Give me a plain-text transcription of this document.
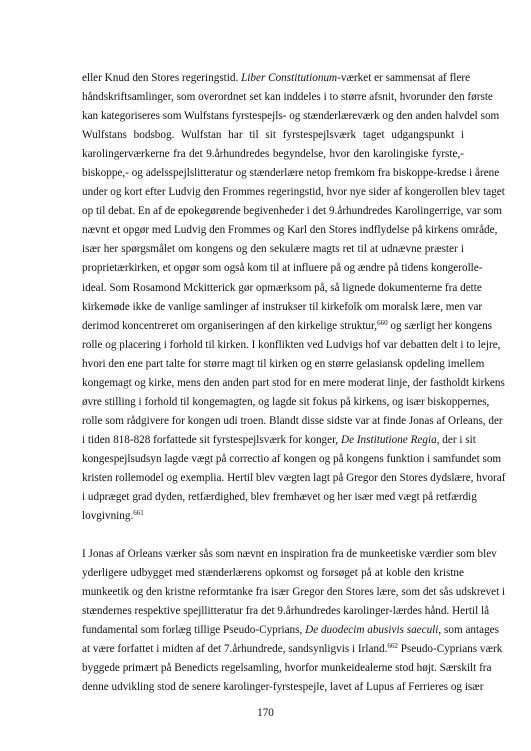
eller Knud den Stores regeringstid. Liber Constitutionum-værket er sammensat af flere
håndskriftsamlinger, som overordnet set kan inddeles i to større afsnit, hvorunder den første
kan kategoriseres som Wulfstans fyrstespejls- og stænderlæreværk og den anden halvdel som
Wulfstans bodsbog. Wulfstan har til sit fyrstespejlsværk taget udgangspunkt i
karolingerværkerne fra det 9.århundredes begyndelse, hvor den karolingiske fyrste,-
biskoppe,- og adelsspejlslitteratur og stænderlære netop fremkom fra biskoppe-kredse i årene
under og kort efter Ludvig den Frommes regeringstid, hvor nye sider af kongerollen blev taget
op til debat. En af de epokegørende begivenheder i det 9.århundredes Karolingerrige, var som
nævnt et opgør med Ludvig den Frommes og Karl den Stores indflydelse på kirkens område,
især her spørgsmålet om kongens og den sekulære magts ret til at udnævne præster i
proprietærkirken, et opgør som også kom til at influere på og ændre på tidens kongerolle-
ideal. Som Rosamond Mckitterick gør opmærksom på, så lignede dokumenterne fra dette
kirkemøde ikke de vanlige samlinger af instrukser til kirkefolk om moralsk lære, men var
derimod koncentreret om organiseringen af den kirkelige struktur,$^{660}$ og særligt her kongens
rolle og placering i forhold til kirken. I konflikten ved Ludvigs hof var debatten delt i to lejre,
hvori den ene part talte for større magt til kirken og en større gelasiansk opdeling imellem
kongemagt og kirke, mens den anden part stod for en mere moderat linje, der fastholdt kirkens
øvre stilling i forhold til kongemagten, og lagde sit fokus på kirkens, og især biskoppernes,
rolle som rådgivere for kongen udi troen. Blandt disse sidste var at finde Jonas af Orleans, der
i tiden 818-828 forfattede sit fyrstespejlsværk for konger, De Institutione Regia, der i sit
kongespejlsudsyn lagde vægt på correctio af kongen og på kongens funktion i samfundet som
kristen rollemodel og exemplia. Hertil blev vægten lagt på Gregor den Stores dydslære, hvoraf
i udpræget grad dyden, retfærdighed, blev fremhævet og her især med vægt på retfærdig
lovgivning.$^{661}$
I Jonas af Orleans værker sås som nævnt en inspiration fra de munkeetiske værdier som blev
yderligere udbygget med stænderlærens opkomst og forsøget på at koble den kristne
munkeetik og den kristne reformtanke fra især Gregor den Stores lære, som det sås udskrevet i
stændernes respektive spejllitteratur fra det 9.århundredes karolinger-lærdes hånd. Hertil lå
fundamental som forlæg tillige Pseudo-Cyprians, De duodecim abusivis saeculi, som antages
at være forfattet i midten af det 7.århundrede, sandsynligvis i Irland.$^{662}$ Pseudo-Cyprians værk
byggede primært på Benedicts regelsamling, hvorfor munkeidealerne stod højt. Særskilt fra
denne udvikling stod de senere karolinger-fyrstespejle, lavet af Lupus af Ferrieres og især
170
